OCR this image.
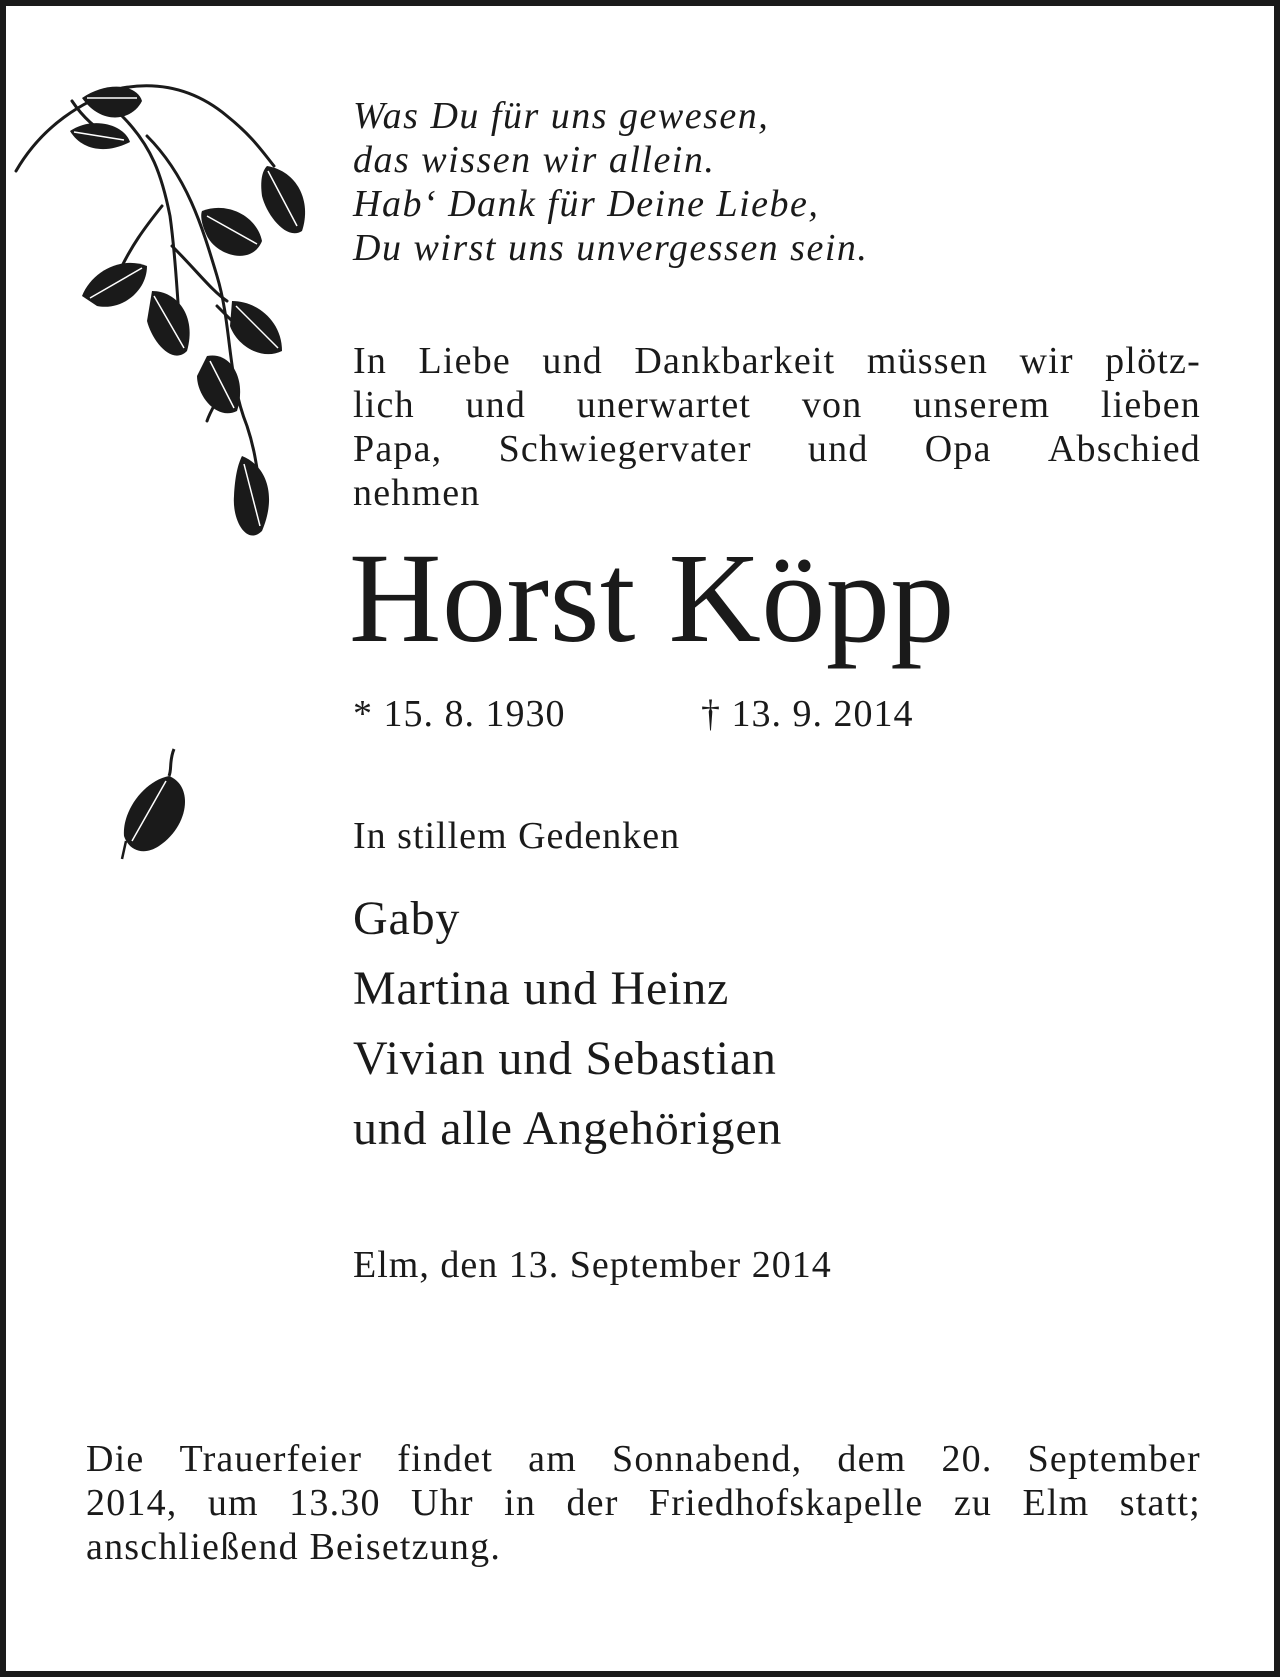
Was Du für uns gewesen,
das wissen wir allein.
Hab‘ Dank für Deine Liebe,
Du wirst uns unvergessen sein.
In Liebe und Dankbarkeit müssen wir plötz-
lich und unerwartet von unserem lieben
Papa, Schwiegervater und Opa Abschied
nehmen
Horst Köpp
* 15. 8. 1930	† 13. 9. 2014
In stillem Gedenken
Gaby
Martina und Heinz
Vivian und Sebastian
und alle Angehörigen
Elm, den 13. September 2014
Die Trauerfeier findet am Sonnabend, dem 20. September
2014, um 13.30 Uhr in der Friedhofskapelle zu Elm statt;
anschließend Beisetzung.
